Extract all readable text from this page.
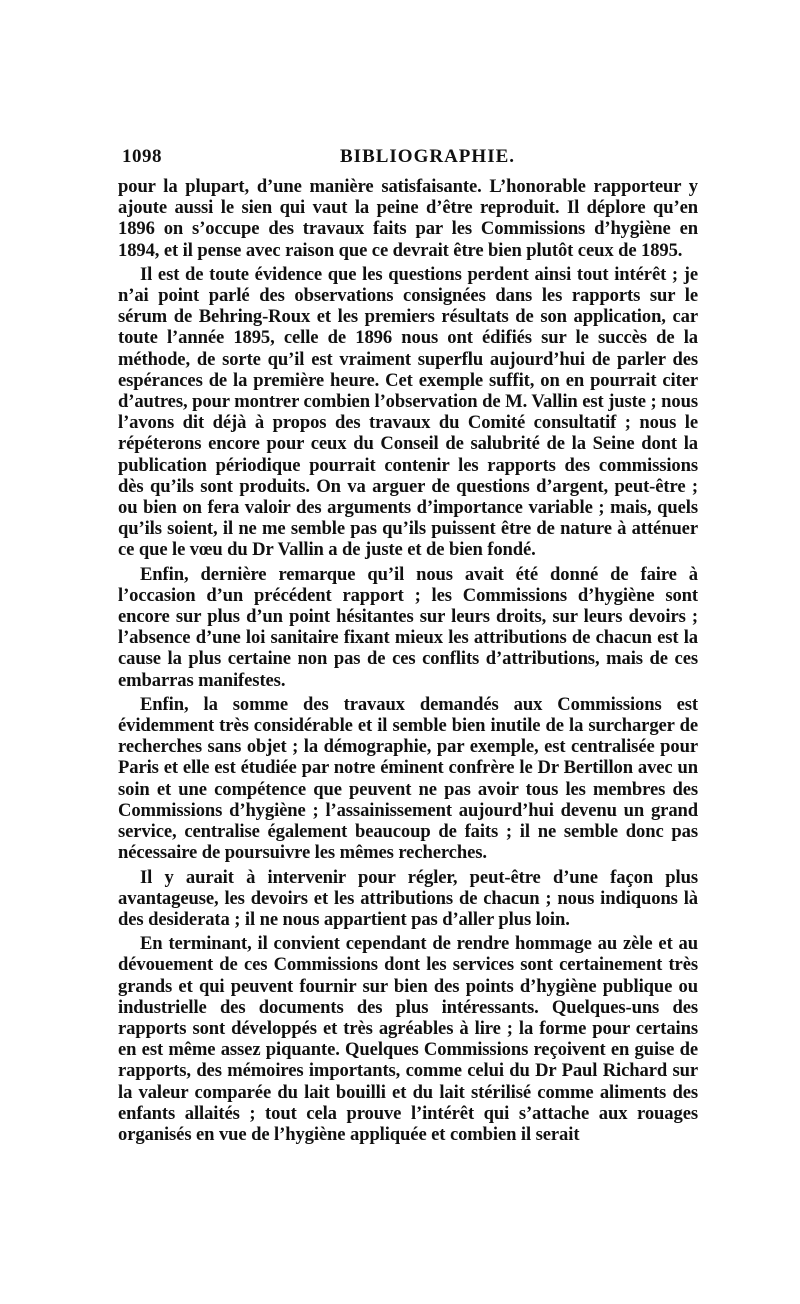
1098	BIBLIOGRAPHIE.

pour la plupart, d’une manière satisfaisante. L’honorable rapporteur y ajoute aussi le sien qui vaut la peine d’être reproduit. Il déplore qu’en 1896 on s’occupe des travaux faits par les Commissions d’hygiène en 1894, et il pense avec raison que ce devrait être bien plutôt ceux de 1895.

Il est de toute évidence que les questions perdent ainsi tout intérêt ; je n’ai point parlé des observations consignées dans les rapports sur le sérum de Behring-Roux et les premiers résultats de son application, car toute l’année 1895, celle de 1896 nous ont édifiés sur le succès de la méthode, de sorte qu’il est vraiment superflu aujourd’hui de parler des espérances de la première heure. Cet exemple suffit, on en pourrait citer d’autres, pour montrer combien l’observation de M. Vallin est juste ; nous l’avons dit déjà à propos des travaux du Comité consultatif ; nous le répéterons encore pour ceux du Conseil de salubrité de la Seine dont la publication périodique pourrait contenir les rapports des commissions dès qu’ils sont produits. On va arguer de questions d’argent, peut-être ; ou bien on fera valoir des arguments d’importance variable ; mais, quels qu’ils soient, il ne me semble pas qu’ils puissent être de nature à atténuer ce que le vœu du Dr Vallin a de juste et de bien fondé.

Enfin, dernière remarque qu’il nous avait été donné de faire à l’occasion d’un précédent rapport ; les Commissions d’hygiène sont encore sur plus d’un point hésitantes sur leurs droits, sur leurs devoirs ; l’absence d’une loi sanitaire fixant mieux les attributions de chacun est la cause la plus certaine non pas de ces conflits d’attributions, mais de ces embarras manifestes.

Enfin, la somme des travaux demandés aux Commissions est évidemment très considérable et il semble bien inutile de la surcharger de recherches sans objet ; la démographie, par exemple, est centralisée pour Paris et elle est étudiée par notre éminent confrère le Dr Bertillon avec un soin et une compétence que peuvent ne pas avoir tous les membres des Commissions d’hygiène ; l’assainissement aujourd’hui devenu un grand service, centralise également beaucoup de faits ; il ne semble donc pas nécessaire de poursuivre les mêmes recherches.

Il y aurait à intervenir pour régler, peut-être d’une façon plus avantageuse, les devoirs et les attributions de chacun ; nous indiquons là des desiderata ; il ne nous appartient pas d’aller plus loin.

En terminant, il convient cependant de rendre hommage au zèle et au dévouement de ces Commissions dont les services sont certainement très grands et qui peuvent fournir sur bien des points d’hygiène publique ou industrielle des documents des plus intéressants. Quelques-uns des rapports sont développés et très agréables à lire ; la forme pour certains en est même assez piquante. Quelques Commissions reçoivent en guise de rapports, des mémoires importants, comme celui du Dr Paul Richard sur la valeur comparée du lait bouilli et du lait stérilisé comme aliments des enfants allaités ; tout cela prouve l’intérêt qui s’attache aux rouages organisés en vue de l’hygiène appliquée et combien il serait
